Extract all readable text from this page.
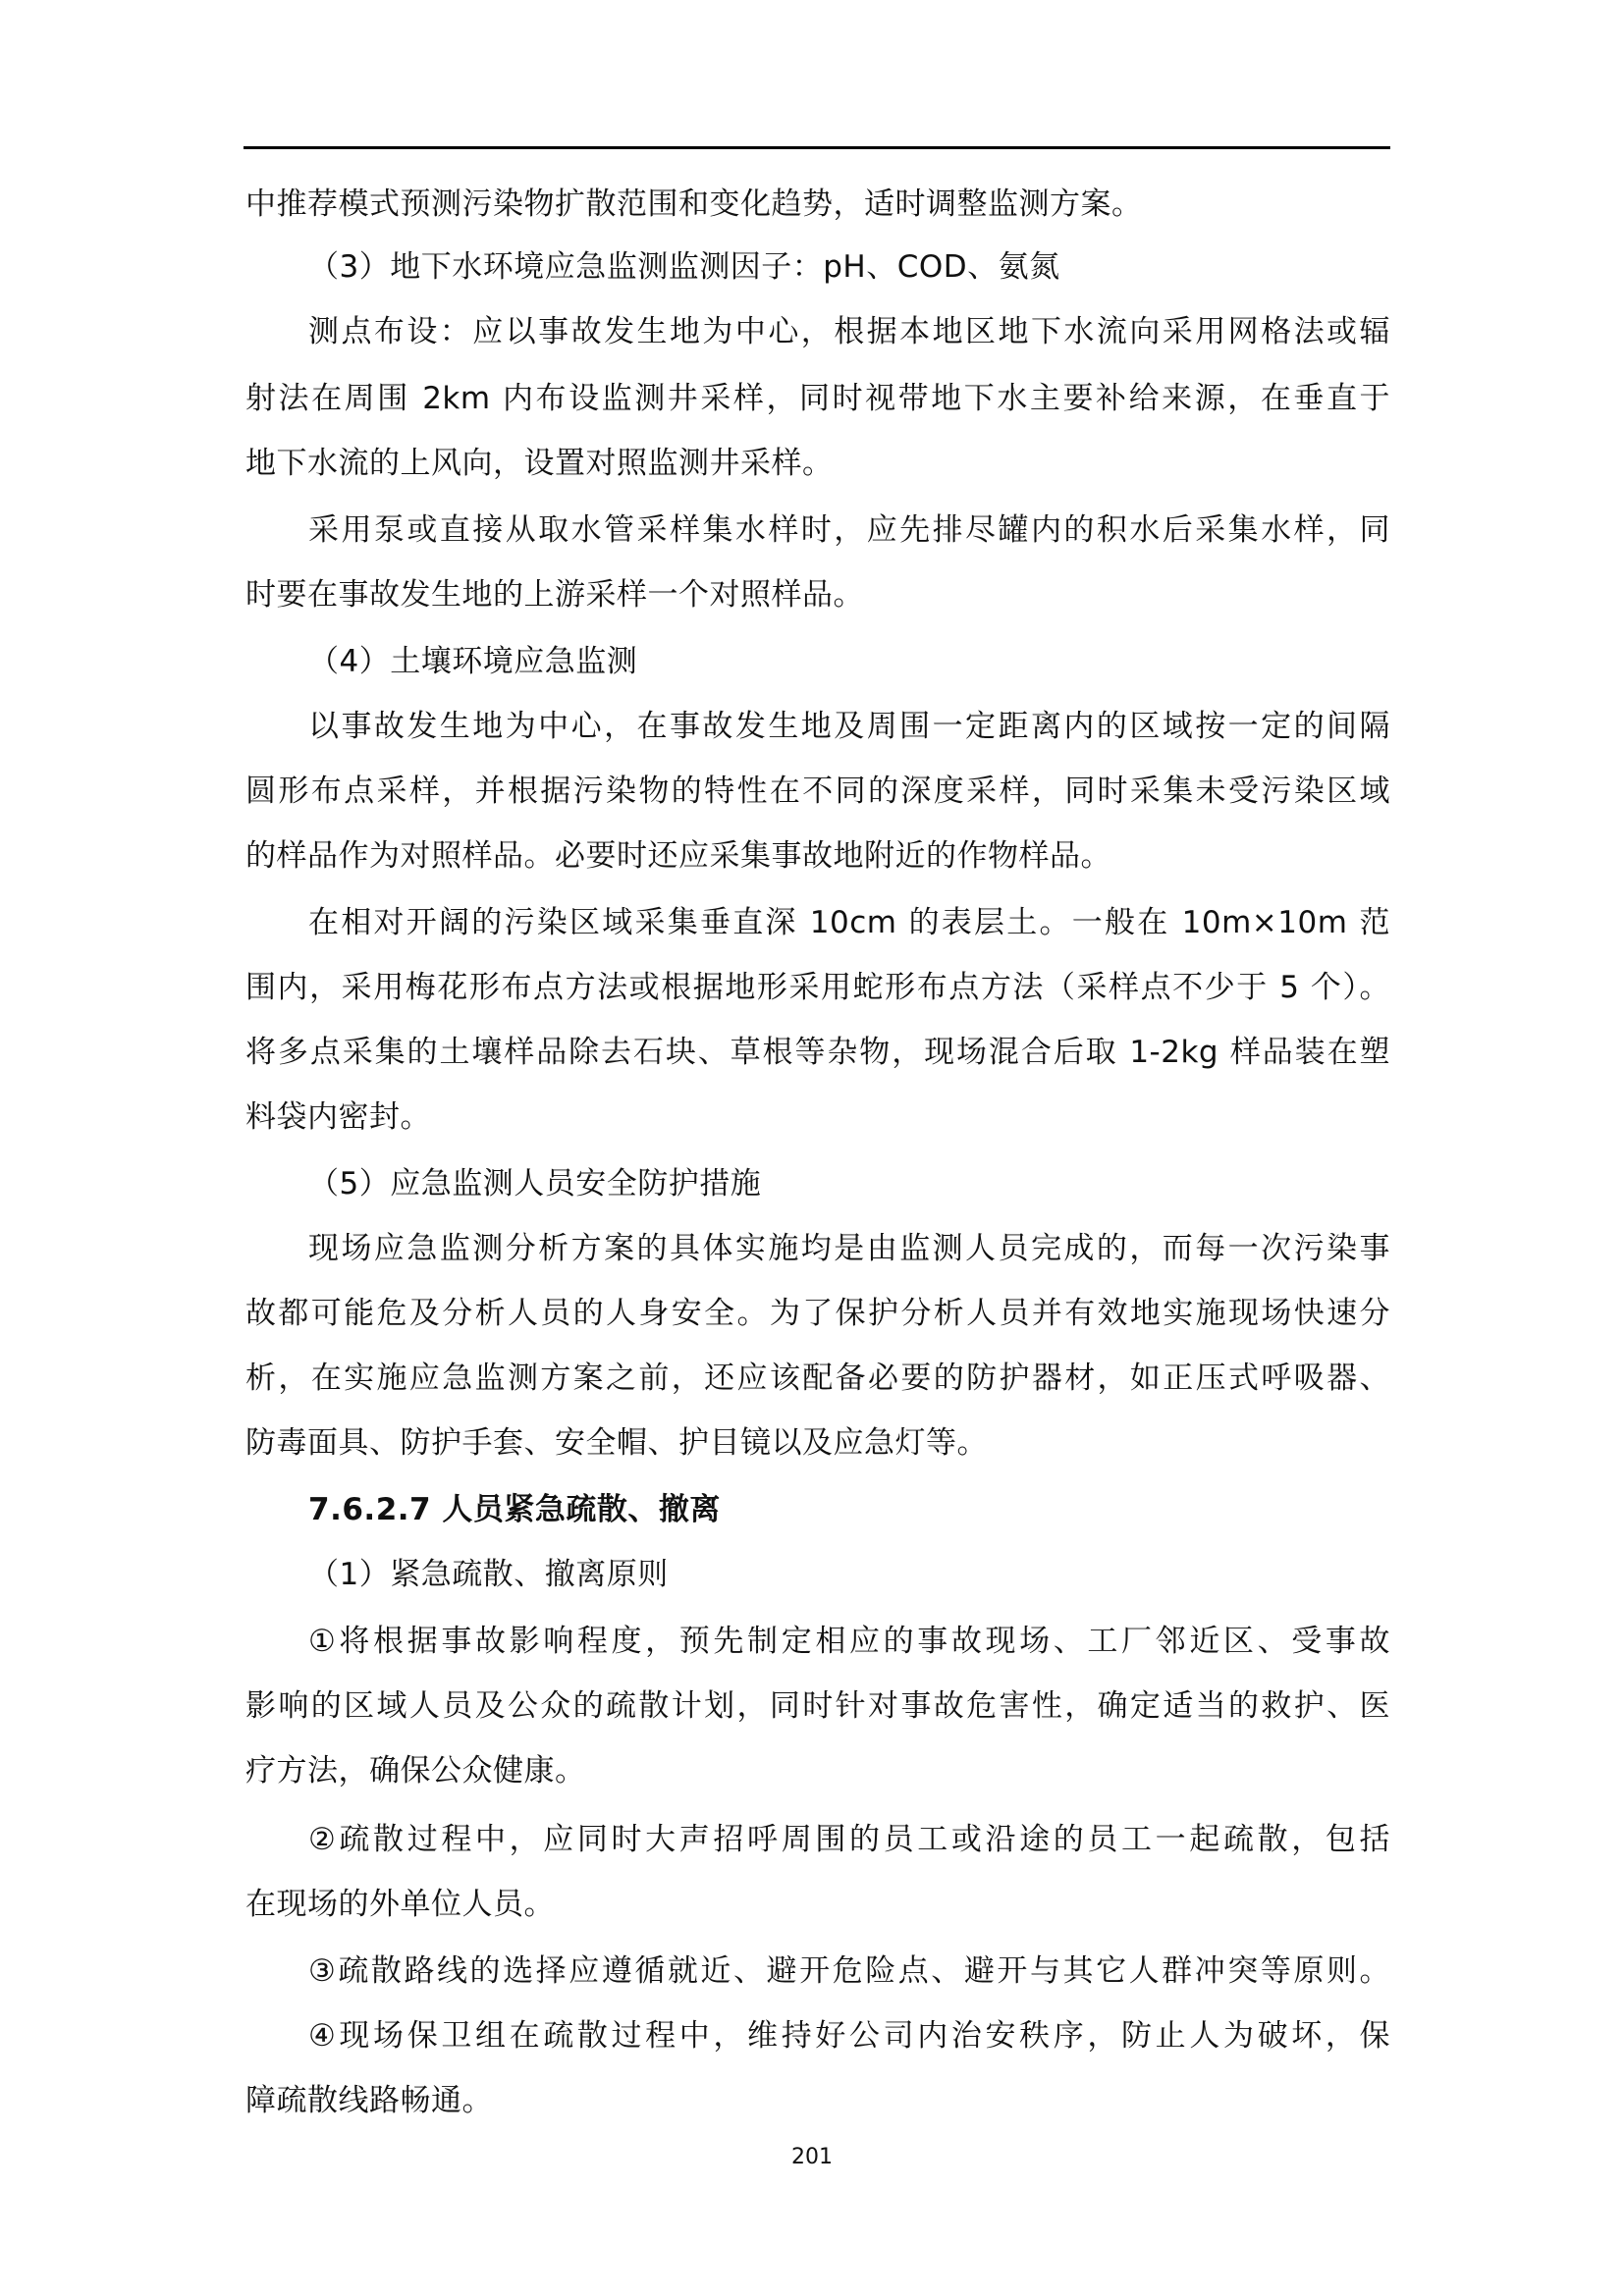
中推荐模式预测污染物扩散范围和变化趋势，适时调整监测方案。
（3）地下水环境应急监测监测因子：pH、COD、氨氮
测点布设：应以事故发生地为中心，根据本地区地下水流向采用网格法或辐
射法在周围 2km 内布设监测井采样，同时视带地下水主要补给来源，在垂直于
地下水流的上风向，设置对照监测井采样。
采用泵或直接从取水管采样集水样时，应先排尽罐内的积水后采集水样，同
时要在事故发生地的上游采样一个对照样品。
（4）土壤环境应急监测
以事故发生地为中心，在事故发生地及周围一定距离内的区域按一定的间隔
圆形布点采样，并根据污染物的特性在不同的深度采样，同时采集未受污染区域
的样品作为对照样品。必要时还应采集事故地附近的作物样品。
在相对开阔的污染区域采集垂直深 10cm 的表层土。一般在 10m×10m 范
围内，采用梅花形布点方法或根据地形采用蛇形布点方法（采样点不少于 5 个）。
将多点采集的土壤样品除去石块、草根等杂物，现场混合后取 1-2kg 样品装在塑
料袋内密封。
（5）应急监测人员安全防护措施
现场应急监测分析方案的具体实施均是由监测人员完成的，而每一次污染事
故都可能危及分析人员的人身安全。为了保护分析人员并有效地实施现场快速分
析，在实施应急监测方案之前，还应该配备必要的防护器材，如正压式呼吸器、
防毒面具、防护手套、安全帽、护目镜以及应急灯等。
7.6.2.7 人员紧急疏散、撤离
（1）紧急疏散、撤离原则
①将根据事故影响程度，预先制定相应的事故现场、工厂邻近区、受事故
影响的区域人员及公众的疏散计划，同时针对事故危害性，确定适当的救护、医
疗方法，确保公众健康。
②疏散过程中，应同时大声招呼周围的员工或沿途的员工一起疏散，包括
在现场的外单位人员。
③疏散路线的选择应遵循就近、避开危险点、避开与其它人群冲突等原则。
④现场保卫组在疏散过程中，维持好公司内治安秩序，防止人为破坏，保
障疏散线路畅通。
201
